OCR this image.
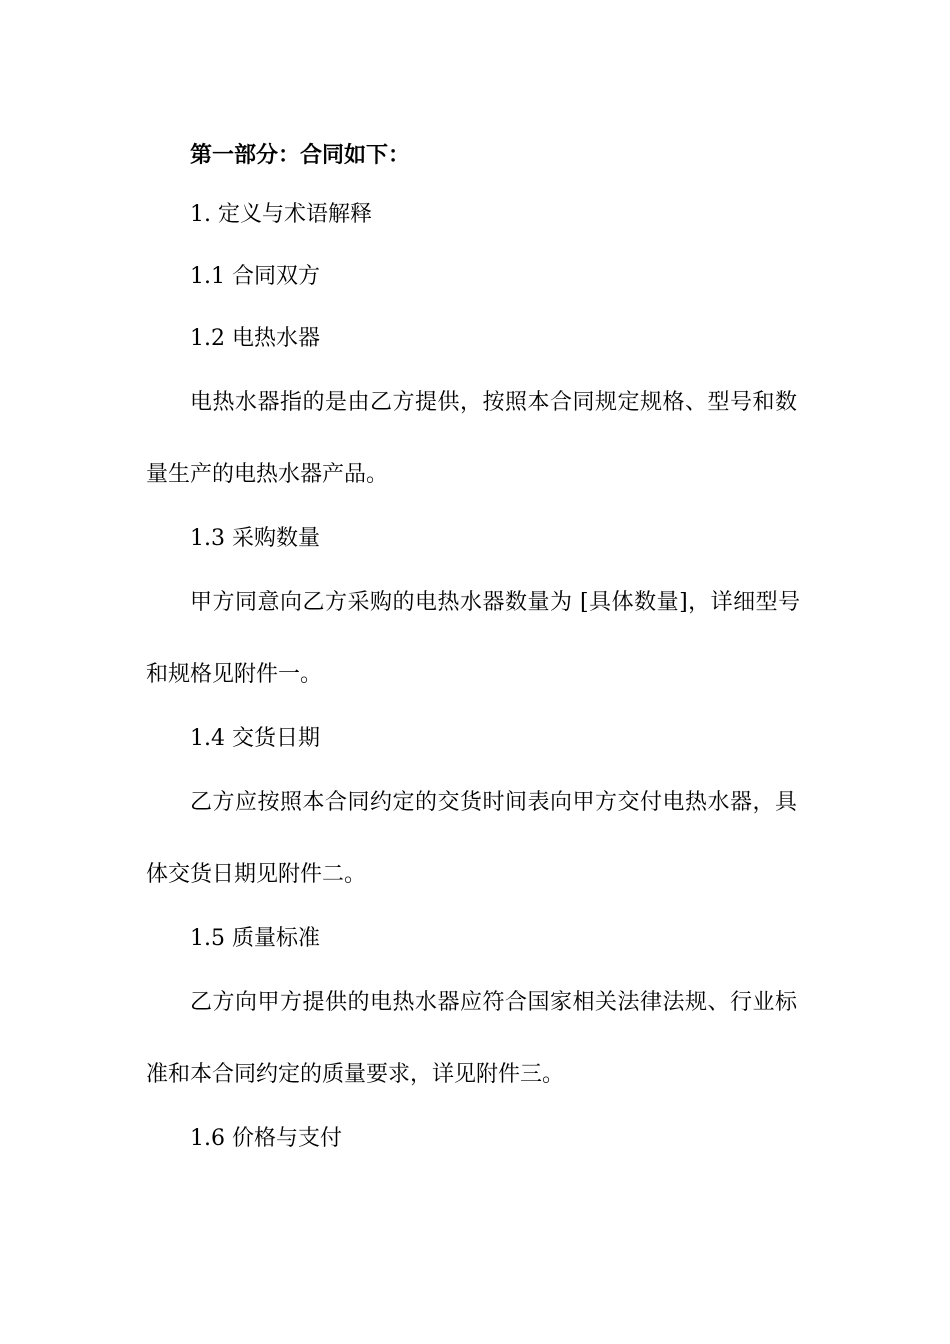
第一部分：合同如下：
1. 定义与术语解释
1.1 合同双方
1.2 电热水器
电热水器指的是由乙方提供，按照本合同规定规格、型号和数
量生产的电热水器产品。
1.3 采购数量
甲方同意向乙方采购的电热水器数量为 [具体数量]，详细型号
和规格见附件一。
1.4 交货日期
乙方应按照本合同约定的交货时间表向甲方交付电热水器，具
体交货日期见附件二。
1.5 质量标准
乙方向甲方提供的电热水器应符合国家相关法律法规、行业标
准和本合同约定的质量要求，详见附件三。
1.6 价格与支付
